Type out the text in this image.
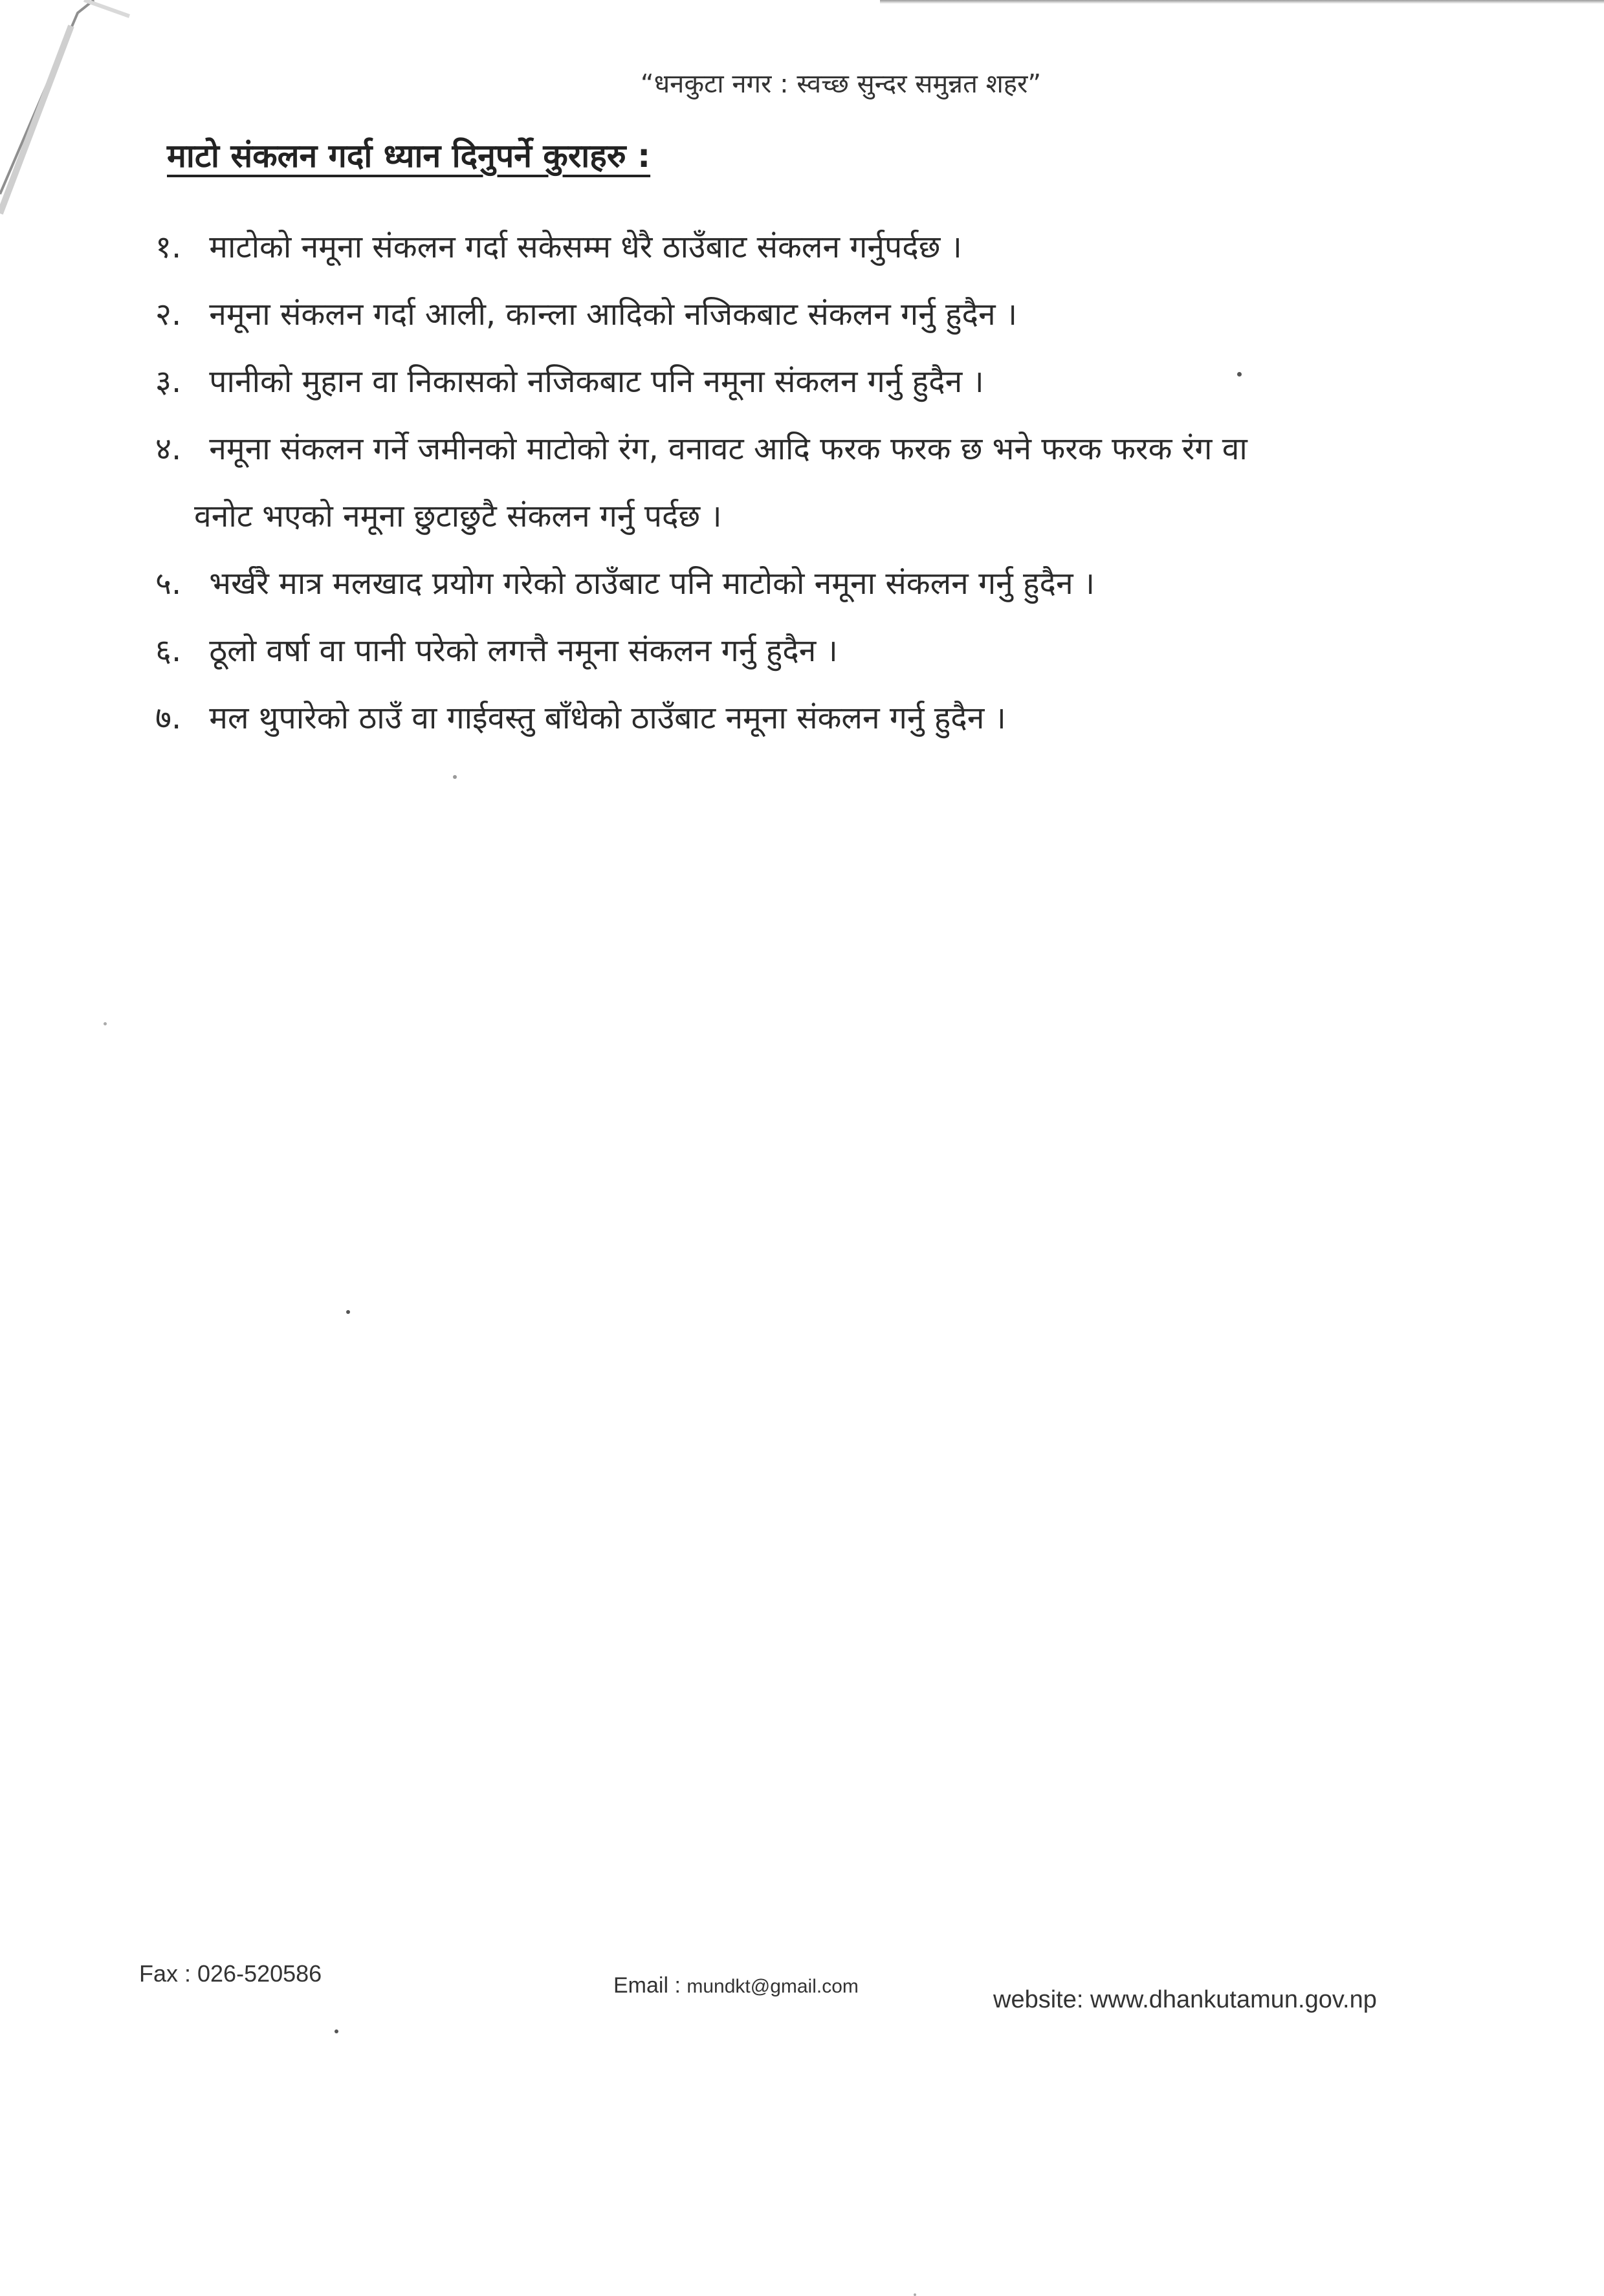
“धनकुटा नगर : स्वच्छ सुन्दर समुन्नत शहर”
माटो संकलन गर्दा ध्यान दिनुपर्ने कुराहरु :
१. माटोको नमूना संकलन गर्दा सकेसम्म धेरै ठाउँबाट संकलन गर्नुपर्दछ ।
२. नमूना संकलन गर्दा आली, कान्ला आदिको नजिकबाट संकलन गर्नु हुदैन ।
३. पानीको मुहान वा निकासको नजिकबाट पनि नमूना संकलन गर्नु हुदैन ।
४. नमूना संकलन गर्ने जमीनको माटोको रंग, वनावट आदि फरक फरक छ भने फरक फरक रंग वा
वनोट भएको नमूना छुटाछुटै संकलन गर्नु पर्दछ ।
५. भर्खरै मात्र मलखाद प्रयोग गरेको ठाउँबाट पनि माटोको नमूना संकलन गर्नु हुदैन ।
६. ठूलो वर्षा वा पानी परेको लगत्तै नमूना संकलन गर्नु हुदैन ।
७. मल थुपारेको ठाउँ वा गाईवस्तु बाँधेको ठाउँबाट नमूना संकलन गर्नु हुदैन ।
Fax : 026-520586	Email : mundkt@gmail.com	website: www.dhankutamun.gov.np
